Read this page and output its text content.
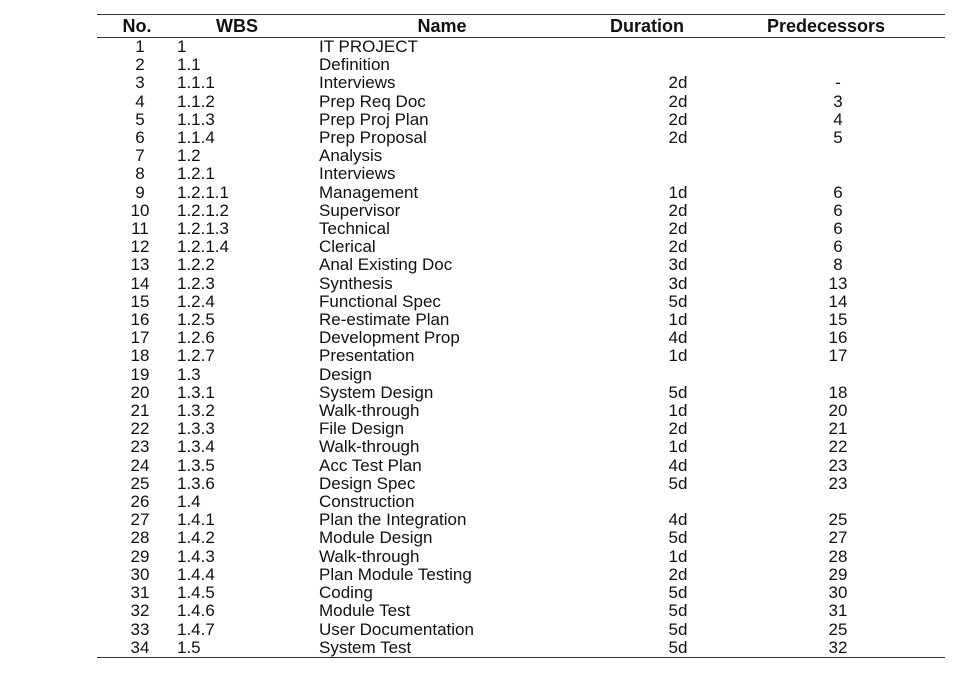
No.	WBS	Name	Duration	Predecessors
1	1	IT PROJECT		
2	1.1	Definition		
3	1.1.1	Interviews	2d	-
4	1.1.2	Prep Req Doc	2d	3
5	1.1.3	Prep Proj Plan	2d	4
6	1.1.4	Prep Proposal	2d	5
7	1.2	Analysis		
8	1.2.1	Interviews		
9	1.2.1.1	Management	1d	6
10	1.2.1.2	Supervisor	2d	6
11	1.2.1.3	Technical	2d	6
12	1.2.1.4	Clerical	2d	6
13	1.2.2	Anal Existing Doc	3d	8
14	1.2.3	Synthesis	3d	13
15	1.2.4	Functional Spec	5d	14
16	1.2.5	Re-estimate Plan	1d	15
17	1.2.6	Development Prop	4d	16
18	1.2.7	Presentation	1d	17
19	1.3	Design		
20	1.3.1	System Design	5d	18
21	1.3.2	Walk-through	1d	20
22	1.3.3	File Design	2d	21
23	1.3.4	Walk-through	1d	22
24	1.3.5	Acc Test Plan	4d	23
25	1.3.6	Design Spec	5d	23
26	1.4	Construction		
27	1.4.1	Plan the Integration	4d	25
28	1.4.2	Module Design	5d	27
29	1.4.3	Walk-through	1d	28
30	1.4.4	Plan Module Testing	2d	29
31	1.4.5	Coding	5d	30
32	1.4.6	Module Test	5d	31
33	1.4.7	User Documentation	5d	25
34	1.5	System Test	5d	32
